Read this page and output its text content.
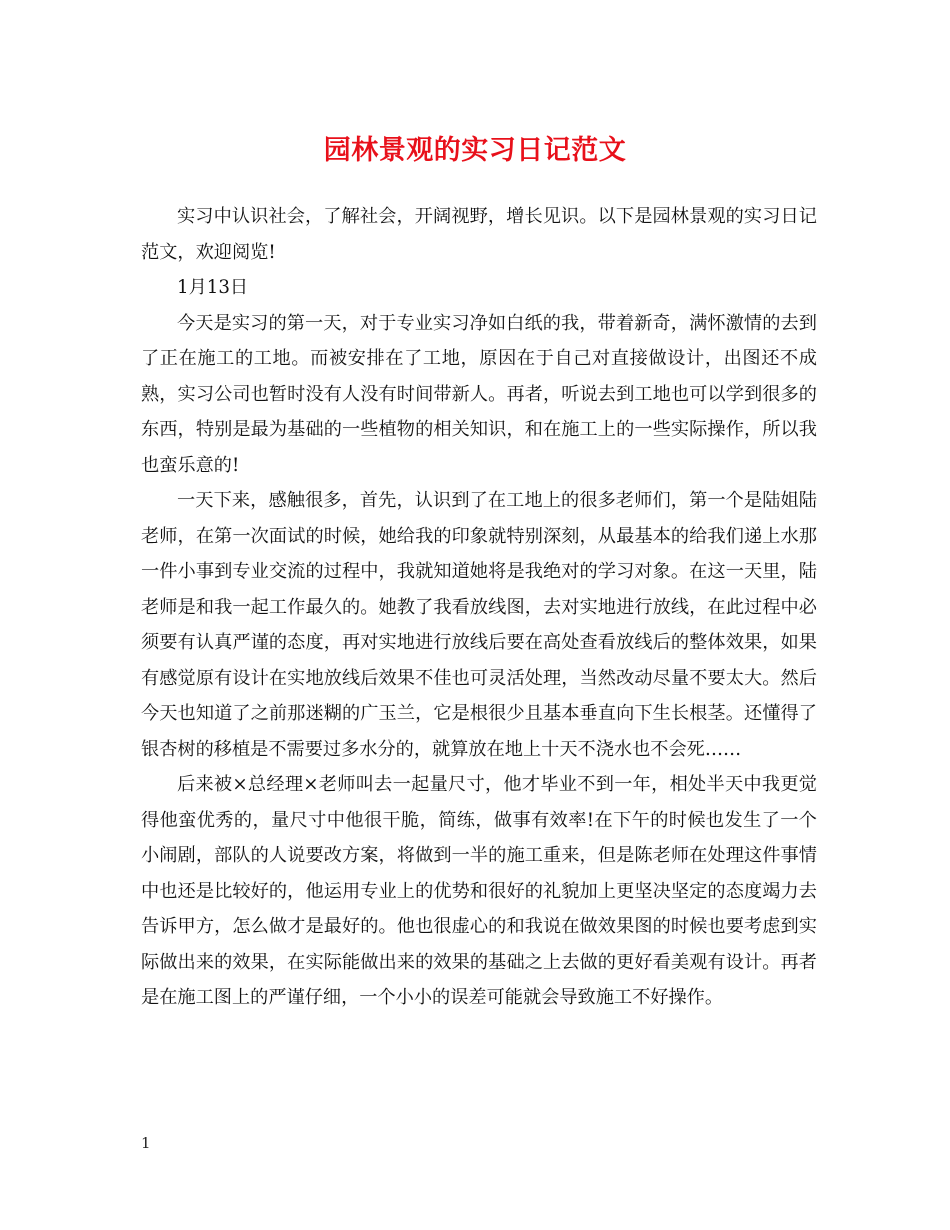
园林景观的实习日记范文

实习中认识社会，了解社会，开阔视野，增长见识。以下是园林景观的实习日记范文，欢迎阅览!

1月13日

今天是实习的第一天，对于专业实习净如白纸的我，带着新奇，满怀激情的去到了正在施工的工地。而被安排在了工地，原因在于自己对直接做设计，出图还不成熟，实习公司也暂时没有人没有时间带新人。再者，听说去到工地也可以学到很多的东西，特别是最为基础的一些植物的相关知识，和在施工上的一些实际操作，所以我也蛮乐意的!

一天下来，感触很多，首先，认识到了在工地上的很多老师们，第一个是陆姐陆老师，在第一次面试的时候，她给我的印象就特别深刻，从最基本的给我们递上水那一件小事到专业交流的过程中，我就知道她将是我绝对的学习对象。在这一天里，陆老师是和我一起工作最久的。她教了我看放线图，去对实地进行放线，在此过程中必须要有认真严谨的态度，再对实地进行放线后要在高处查看放线后的整体效果，如果有感觉原有设计在实地放线后效果不佳也可灵活处理，当然改动尽量不要太大。然后今天也知道了之前那迷糊的广玉兰，它是根很少且基本垂直向下生长根茎。还懂得了银杏树的移植是不需要过多水分的，就算放在地上十天不浇水也不会死……

后来被×总经理×老师叫去一起量尺寸，他才毕业不到一年，相处半天中我更觉得他蛮优秀的，量尺寸中他很干脆，简练，做事有效率!在下午的时候也发生了一个小闹剧，部队的人说要改方案，将做到一半的施工重来，但是陈老师在处理这件事情中也还是比较好的，他运用专业上的优势和很好的礼貌加上更坚决坚定的态度竭力去告诉甲方，怎么做才是最好的。他也很虚心的和我说在做效果图的时候也要考虑到实际做出来的效果，在实际能做出来的效果的基础之上去做的更好看美观有设计。再者是在施工图上的严谨仔细，一个小小的误差可能就会导致施工不好操作。

1
